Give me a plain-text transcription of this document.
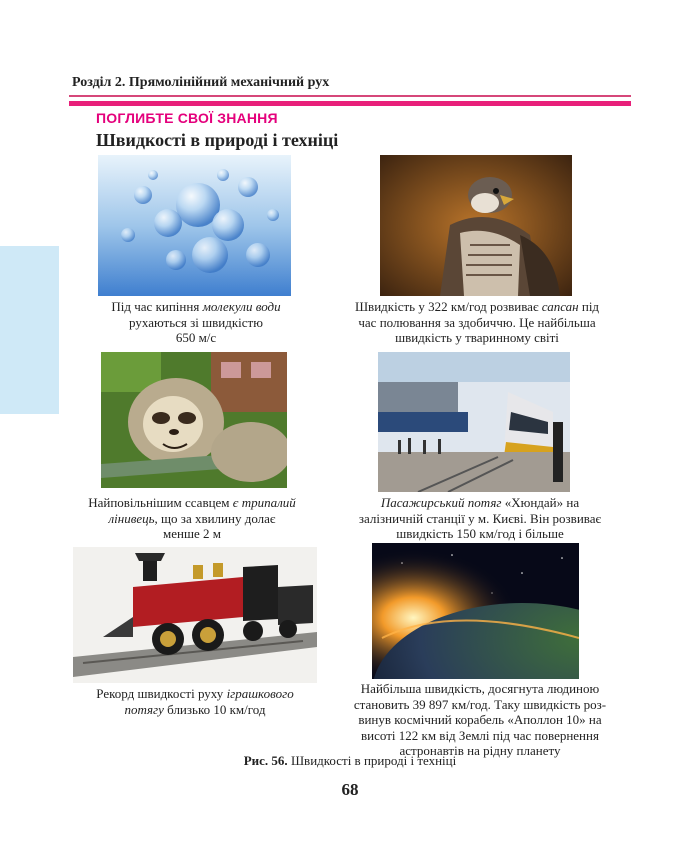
Розділ 2. Прямолінійний механічний рух
ПОГЛИБТЕ СВОЇ ЗНАННЯ
Швидкості в природі і техніці
Під час кипіння молекули води
рухаються зі швидкістю
650 м/с
Швидкість у 322 км/год розвиває сапсан під
час полювання за здобиччю. Це найбільша
швидкість у тваринному світі
Найповільнішим ссавцем є трипалий
лінивець, що за хвилину долає
менше 2 м
Пасажирський потяг «Хюндай» на
залізничній станції у м. Києві. Він розвиває
швидкість 150 км/год і більше
Рекорд швидкості руху іграшкового
потягу близько 10 км/год
Найбільша швидкість, досягнута людиною
становить 39 897 км/год. Таку швидкість роз-
винув космічний корабель «Аполлон 10» на
висоті 122 км від Землі під час повернення
астронавтів на рідну планету
Рис. 56. Швидкості в природі і техніці
68
